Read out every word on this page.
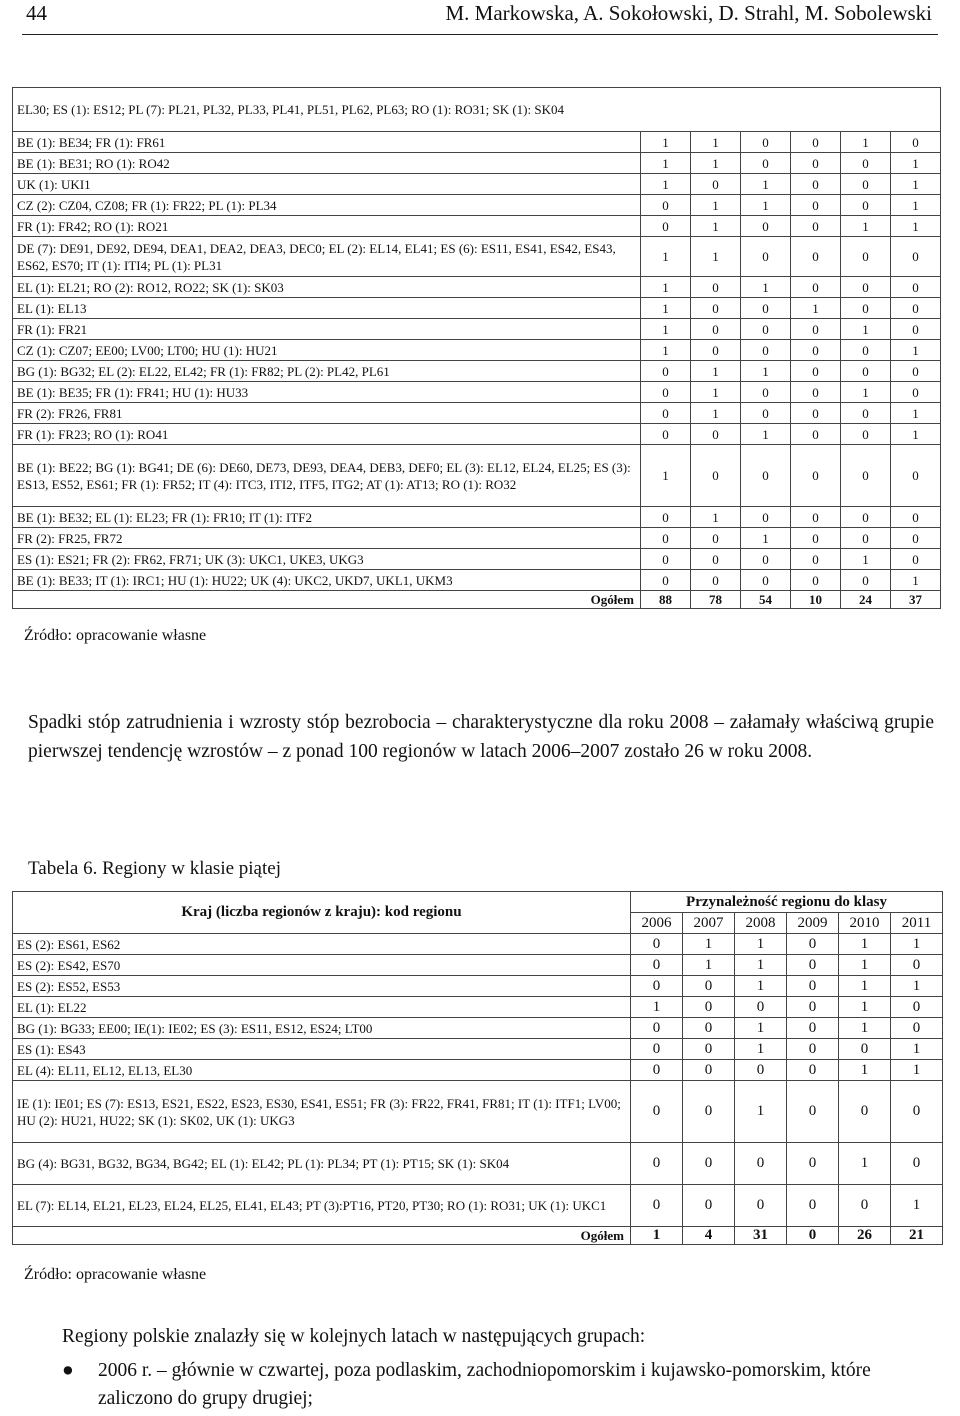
44	M. Markowska, A. Sokołowski, D. Strahl, M. Sobolewski
EL30; ES (1): ES12; PL (7): PL21, PL32, PL33, PL41, PL51, PL62, PL63; RO (1): RO31; SK (1): SK04						
BE (1): BE34; FR (1): FR61	1	1	0	0	1	0
BE (1): BE31; RO (1): RO42	1	1	0	0	0	1
UK (1): UKI1	1	0	1	0	0	1
CZ (2): CZ04, CZ08; FR (1): FR22; PL (1): PL34	0	1	1	0	0	1
FR (1): FR42; RO (1): RO21	0	1	0	0	1	1
DE (7): DE91, DE92, DE94, DEA1, DEA2, DEA3, DEC0; EL (2): EL14, EL41; ES (6): ES11, ES41, ES42, ES43, ES62, ES70; IT (1): ITI4; PL (1): PL31	1	1	0	0	0	0
EL (1): EL21; RO (2): RO12, RO22; SK (1): SK03	1	0	1	0	0	0
EL (1): EL13	1	0	0	1	0	0
FR (1): FR21	1	0	0	0	1	0
CZ (1): CZ07; EE00; LV00; LT00; HU (1): HU21	1	0	0	0	0	1
BG (1): BG32; EL (2): EL22, EL42; FR (1): FR82; PL (2): PL42, PL61	0	1	1	0	0	0
BE (1): BE35; FR (1): FR41; HU (1): HU33	0	1	0	0	1	0
FR (2): FR26, FR81	0	1	0	0	0	1
FR (1): FR23; RO (1): RO41	0	0	1	0	0	1
BE (1): BE22; BG (1): BG41; DE (6): DE60, DE73, DE93, DEA4, DEB3, DEF0; EL (3): EL12, EL24, EL25; ES (3): ES13, ES52, ES61; FR (1): FR52; IT (4): ITC3, ITI2, ITF5, ITG2; AT (1): AT13; RO (1): RO32	1	0	0	0	0	0
BE (1): BE32; EL (1): EL23; FR (1): FR10; IT (1): ITF2	0	1	0	0	0	0
FR (2): FR25, FR72	0	0	1	0	0	0
ES (1): ES21; FR (2): FR62, FR71; UK (3): UKC1, UKE3, UKG3	0	0	0	0	1	0
BE (1): BE33; IT (1): IRC1; HU (1): HU22; UK (4): UKC2, UKD7, UKL1, UKM3	0	0	0	0	0	1
Ogółem	88	78	54	10	24	37
Źródło: opracowanie własne
Spadki stóp zatrudnienia i wzrosty stóp bezrobocia – charakterystyczne dla roku 2008 – załamały właściwą grupie pierwszej tendencję wzrostów – z ponad 100 regionów w latach 2006–2007 zostało 26 w roku 2008.
Tabela 6. Regiony w klasie piątej
Kraj (liczba regionów z kraju): kod regionu	Przynależność regionu do klasy					
	2006	2007	2008	2009	2010	2011
ES (2): ES61, ES62	0	1	1	0	1	1
ES (2): ES42, ES70	0	1	1	0	1	0
ES (2): ES52, ES53	0	0	1	0	1	1
EL (1): EL22	1	0	0	0	1	0
BG (1): BG33; EE00; IE(1): IE02; ES (3): ES11, ES12, ES24; LT00	0	0	1	0	1	0
ES (1): ES43	0	0	1	0	0	1
EL (4): EL11, EL12, EL13, EL30	0	0	0	0	1	1
IE (1): IE01; ES (7): ES13, ES21, ES22, ES23, ES30, ES41, ES51; FR (3): FR22, FR41, FR81; IT (1): ITF1; LV00; HU (2): HU21, HU22; SK (1): SK02, UK (1): UKG3	0	0	1	0	0	0
BG (4): BG31, BG32, BG34, BG42; EL (1): EL42; PL (1): PL34; PT (1): PT15; SK (1): SK04	0	0	0	0	1	0
EL (7): EL14, EL21, EL23, EL24, EL25, EL41, EL43; PT (3):PT16, PT20, PT30; RO (1): RO31; UK (1): UKC1	0	0	0	0	0	1
Ogółem	1	4	31	0	26	21
Źródło: opracowanie własne
Regiony polskie znalazły się w kolejnych latach w następujących grupach:
● 2006 r. – głównie w czwartej, poza podlaskim, zachodniopomorskim i kujawsko-pomorskim, które zaliczono do grupy drugiej;
